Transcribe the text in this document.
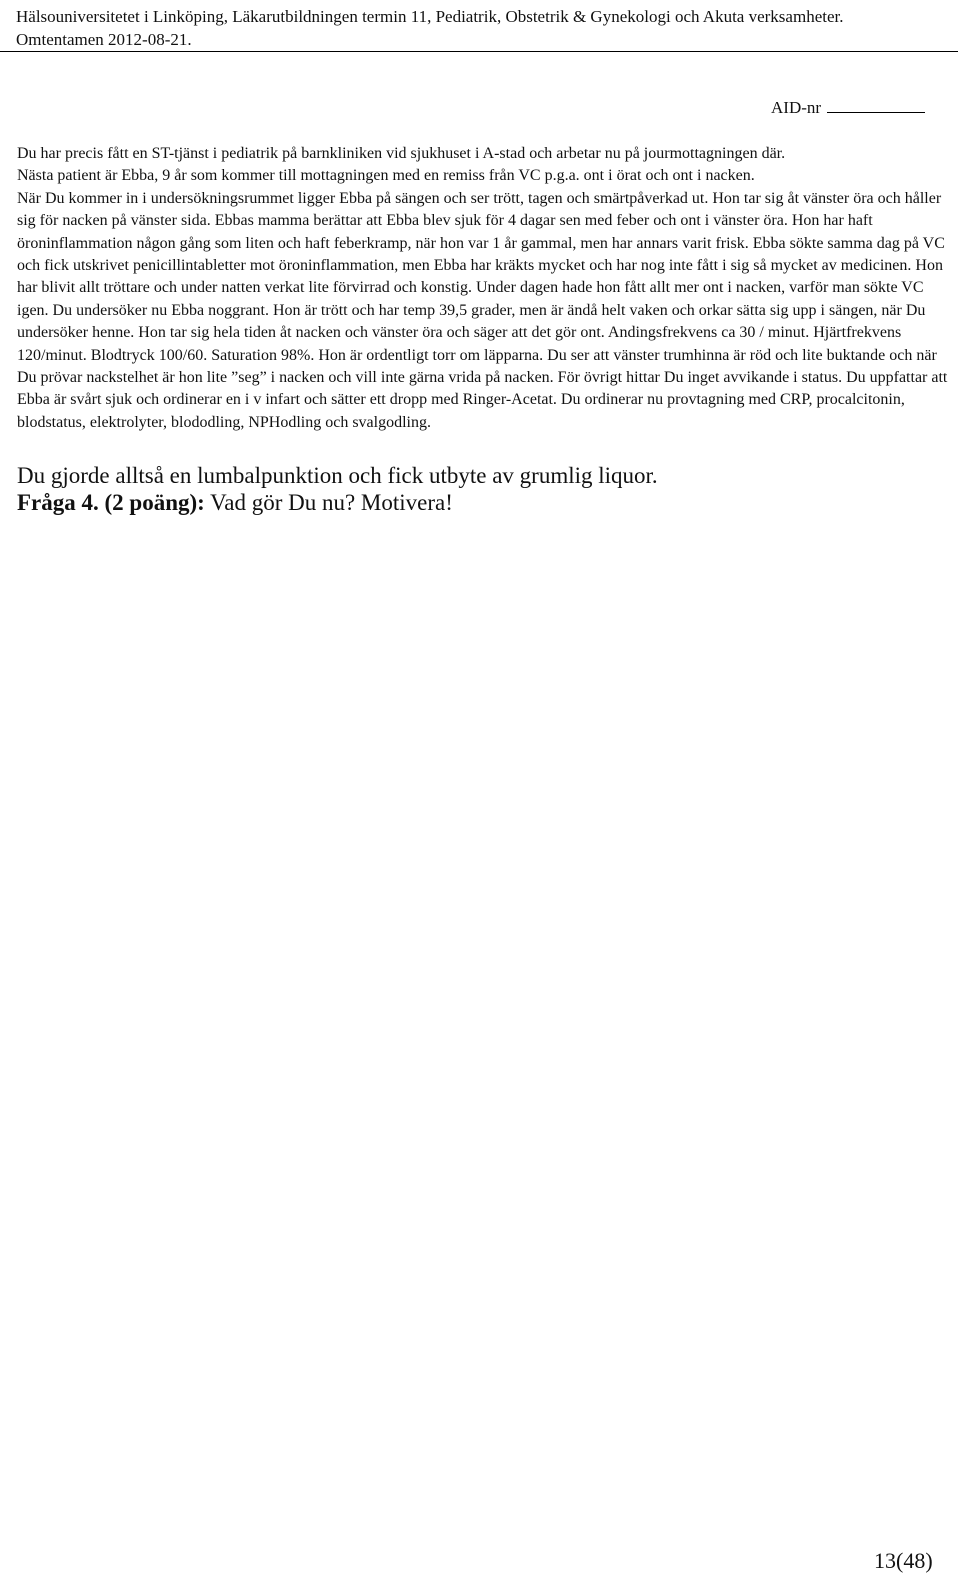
Hälsouniversitetet i Linköping, Läkarutbildningen termin 11, Pediatrik, Obstetrik & Gynekologi och Akuta verksamheter.
Omtentamen 2012-08-21.
AID-nr

Du har precis fått en ST-tjänst i pediatrik på barnkliniken vid sjukhuset i A-stad och arbetar nu på jourmottagningen där.

Nästa patient är Ebba, 9 år som kommer till mottagningen med en remiss från VC p.g.a. ont i örat och ont i nacken.

När Du kommer in i undersökningsrummet ligger Ebba på sängen och ser trött, tagen och smärtpåverkad ut. Hon tar sig åt vänster öra och håller sig för nacken på vänster sida. Ebbas mamma berättar att Ebba blev sjuk för 4 dagar sen med feber och ont i vänster öra. Hon har haft öroninflammation någon gång som liten och haft feberkramp, när hon var 1 år gammal, men har annars varit frisk. Ebba sökte samma dag på VC och fick utskrivet penicillintabletter mot öroninflammation, men Ebba har kräkts mycket och har nog inte fått i sig så mycket av medicinen. Hon har blivit allt tröttare och under natten verkat lite förvirrad och konstig. Under dagen hade hon fått allt mer ont i nacken, varför man sökte VC igen. Du undersöker nu Ebba noggrant. Hon är trött och har temp 39,5 grader, men är ändå helt vaken och orkar sätta sig upp i sängen, när Du undersöker henne. Hon tar sig hela tiden åt nacken och vänster öra och säger att det gör ont. Andingsfrekvens ca 30 / minut. Hjärtfrekvens 120/minut. Blodtryck 100/60. Saturation 98%. Hon är ordentligt torr om läpparna. Du ser att vänster trumhinna är röd och lite buktande och när Du prövar nackstelhet är hon lite ”seg” i nacken och vill inte gärna vrida på nacken. För övrigt hittar Du inget avvikande i status. Du uppfattar att Ebba är svårt sjuk och ordinerar en i v infart och sätter ett dropp med Ringer-Acetat. Du ordinerar nu provtagning med CRP, procalcitonin, blodstatus, elektrolyter, blododling, NPHodling och svalgodling.

Du gjorde alltså en lumbalpunktion och fick utbyte av grumlig liquor.
Fråga 4. (2 poäng): Vad gör Du nu? Motivera!
13(48)
